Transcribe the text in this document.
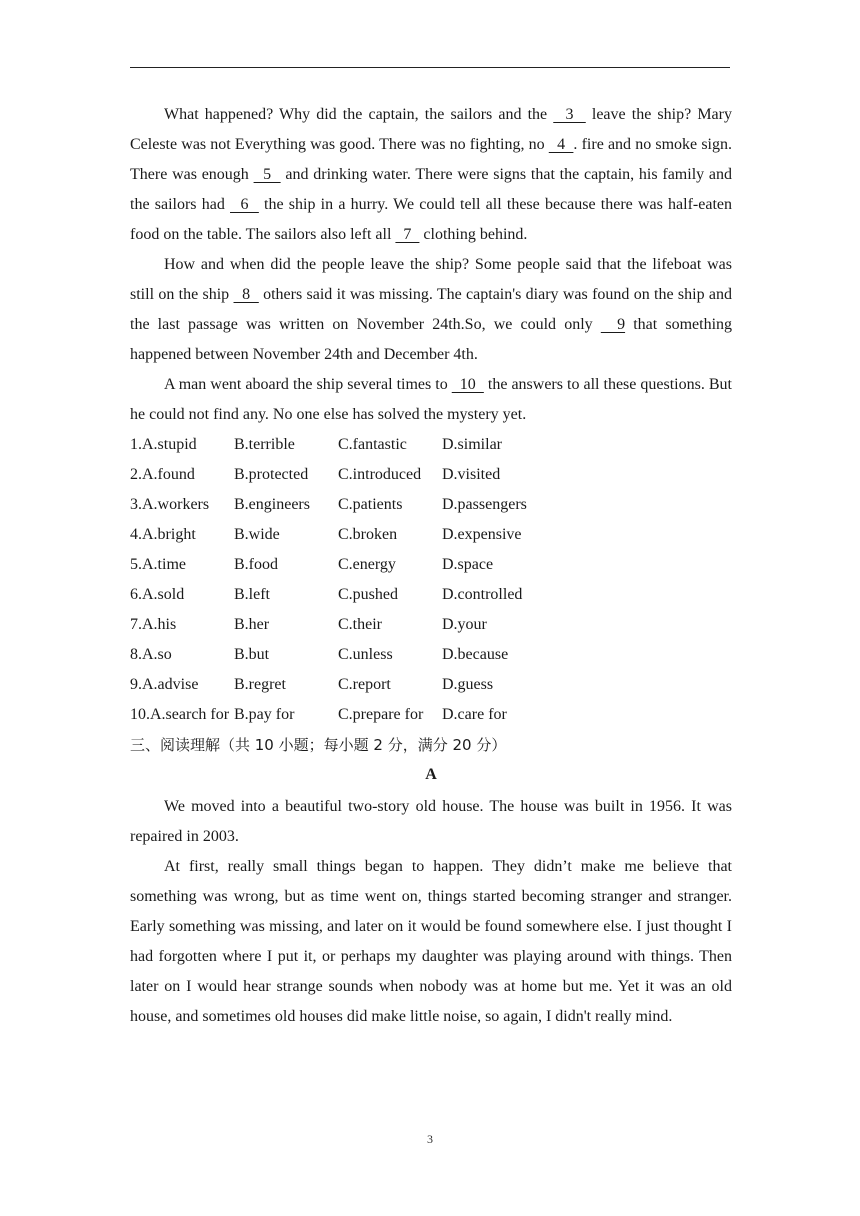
What happened? Why did the captain, the sailors and the   3   leave the ship? Mary Celeste was not Everything was good. There was no fighting, no   4  . fire and no smoke sign. There was enough   5   and drinking water. There were signs that the captain, his family and the sailors had   6   the ship in a hurry. We could tell all these because there was half-eaten food on the table. The sailors also left all   7   clothing behind.

How and when did the people leave the ship? Some people said that the lifeboat was still on the ship   8   others said it was missing. The captain's diary was found on the ship and the last passage was written on November 24th.So, we could only   9 that something happened between November 24th and December 4th.

A man went aboard the ship several times to   10   the answers to all these questions. But he could not find any. No one else has solved the mystery yet.

1.A.stupid	B.terrible	C.fantastic	D.similar
2.A.found	B.protected	C.introduced	D.visited
3.A.workers	B.engineers	C.patients	D.passengers
4.A.bright	B.wide	C.broken	D.expensive
5.A.time	B.food	C.energy	D.space
6.A.sold	B.left	C.pushed	D.controlled
7.A.his	B.her	C.their	D.your
8.A.so	B.but	C.unless	D.because
9.A.advise	B.regret	C.report	D.guess
10.A.search for B.pay for	C.prepare for	D.care for

三、阅读理解（共 10 小题；每小题 2 分，满分 20 分）

A

We moved into a beautiful two-story old house. The house was built in 1956. It was repaired in 2003.

At first, really small things began to happen. They didn’t make me believe that something was wrong, but as time went on, things started becoming stranger and stranger. Early something was missing, and later on it would be found somewhere else. I just thought I had forgotten where I put it, or perhaps my daughter was playing around with things. Then later on I would hear strange sounds when nobody was at home but me. Yet it was an old house, and sometimes old houses did make little noise, so again, I didn't really mind.

3
